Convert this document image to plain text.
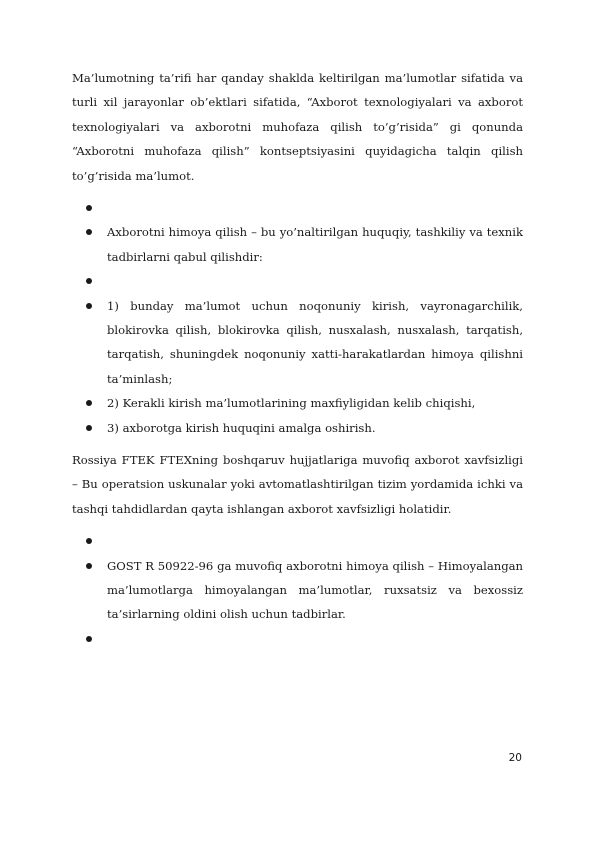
Ma’lumotning ta’rifi har qanday shaklda keltirilgan ma’lumotlar sifatida va turli xil jarayonlar ob’ektlari sifatida, “Axborot texnologiyalari va axborot texnologiyalari va axborotni muhofaza qilish to’g’risida” gi qonunda “Axborotni muhofaza qilish” kontseptsiyasini quyidagicha talqin qilish to’g’risida ma’lumot.

Axborotni himoya qilish – bu yo’naltirilgan huquqiy, tashkiliy va texnik tadbirlarni qabul qilishdir:
1) bunday ma’lumot uchun noqonuniy kirish, vayronagarchilik, blokirovka qilish, blokirovka qilish, nusxalash, nusxalash, tarqatish, tarqatish, shuningdek noqonuniy xatti-harakatlardan himoya qilishni ta’minlash;
2) Kerakli kirish ma’lumotlarining maxfiyligidan kelib chiqishi,
3) axborotga kirish huquqini amalga oshirish.

Rossiya FTEK FTEXning boshqaruv hujjatlariga muvofiq axborot xavfsizligi – Bu operatsion uskunalar yoki avtomatlashtirilgan tizim yordamida ichki va tashqi tahdidlardan qayta ishlangan axborot xavfsizligi holatidir.

GOST R 50922-96 ga muvofiq axborotni himoya qilish – Himoyalangan ma’lumotlarga himoyalangan ma’lumotlar, ruxsatsiz va bexossiz ta’sirlarning oldini olish uchun tadbirlar.
20
